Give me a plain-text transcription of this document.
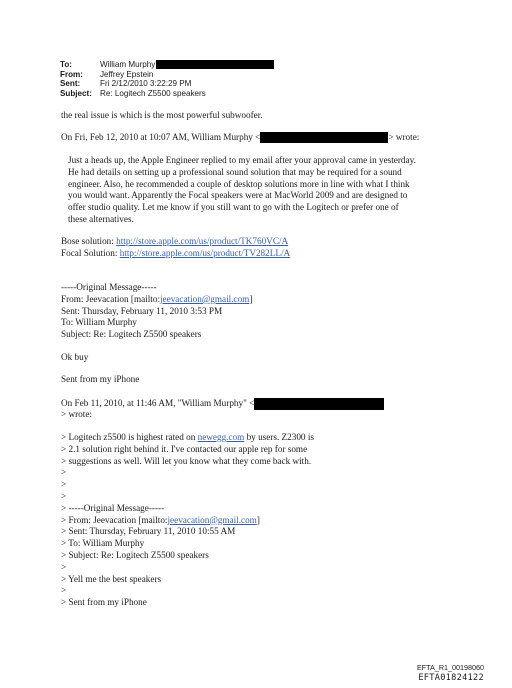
To:	William Murphy
From:	Jeffrey Epstein
Sent:	Fri 2/12/2010 3:22:29 PM
Subject: Re: Logitech Z5500 speakers
the real issue is which is the most powerful subwoofer.
On Fri, Feb 12, 2010 at 10:07 AM, William Murphy <	> wrote:
Just a heads up, the Apple Engineer replied to my email after your approval came in yesterday.
He had details on setting up a professional sound solution that may be required for a sound
engineer. Also, he recommended a couple of desktop solutions more in line with what I think
you would want. Apparently the Focal speakers were at MacWorld 2009 and are designed to
offer studio quality. Let me know if you still want to go with the Logitech or prefer one of
these alternatives.
Bose solution: http://store.apple.com/us/product/TK760VC/A
Focal Solution: http://store.apple.com/us/product/TV282LL/A
-----Original Message-----
From: Jeevacation [mailto:jeevacation@gmail.com]
Sent: Thursday, February 11, 2010 3:53 PM
To: William Murphy
Subject: Re: Logitech Z5500 speakers
Ok buy
Sent from my iPhone
On Feb 11, 2010, at 11:46 AM, "William Murphy" <
> wrote:
> Logitech z5500 is highest rated on newegg.com by users. Z2300 is
> 2.1 solution right behind it. I've contacted our apple rep for some
> suggestions as well. Will let you know what they come back with.
>
>
>
> -----Original Message-----
> From: Jeevacation [mailto:jeevacation@gmail.com]
> Sent: Thursday, February 11, 2010 10:55 AM
> To: William Murphy
> Subject: Re: Logitech Z5500 speakers
>
> Yell me the best speakers
>
> Sent from my iPhone
EFTA_R1_00198060
EFTA01824122
